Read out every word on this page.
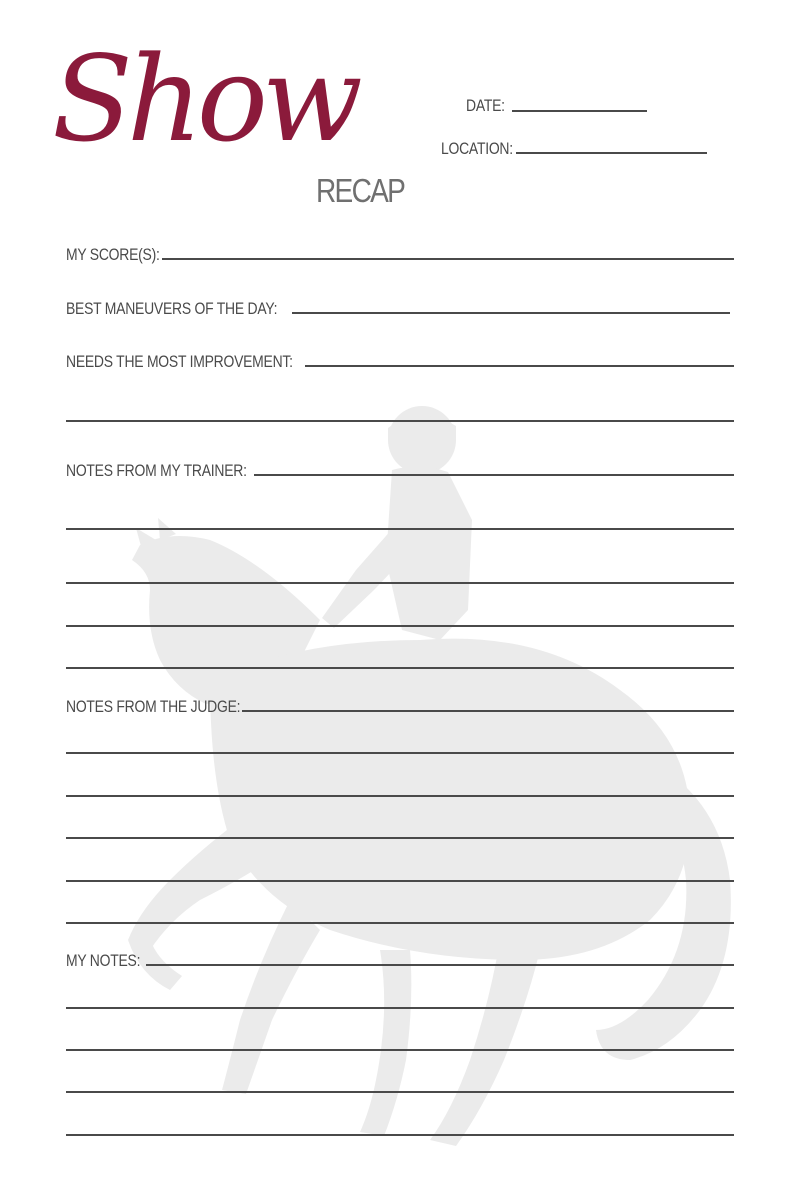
Show
RECAP
DATE:
LOCATION:
MY SCORE(S):
BEST MANEUVERS OF THE DAY:
NEEDS THE MOST IMPROVEMENT:
NOTES FROM MY TRAINER:
NOTES FROM THE JUDGE:
MY NOTES:
